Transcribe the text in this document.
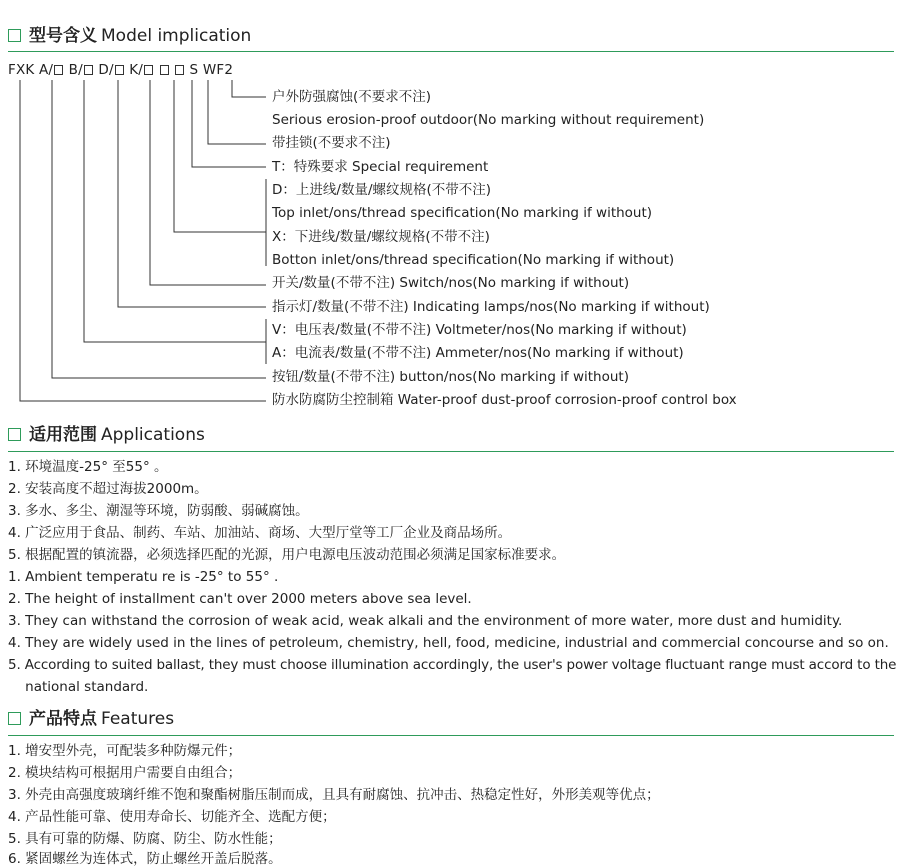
型号含义 Model implication
FXK A/ B/ D/ K/	S WF2
户外防强腐蚀(不要求不注)
Serious erosion-proof outdoor(No marking without requirement)
带挂锁(不要求不注)
T：特殊要求 Special requirement
D：上进线/数量/螺纹规格(不带不注)
Top inlet/ons/thread specification(No marking if without)
X：下进线/数量/螺纹规格(不带不注)
Botton inlet/ons/thread specification(No marking if without)
开关/数量(不带不注) Switch/nos(No marking if without)
指示灯/数量(不带不注) Indicating lamps/nos(No marking if without)
V：电压表/数量(不带不注) Voltmeter/nos(No marking if without)
A：电流表/数量(不带不注) Ammeter/nos(No marking if without)
按钮/数量(不带不注) button/nos(No marking if without)
防水防腐防尘控制箱 Water-proof dust-proof corrosion-proof control box
适用范围 Applications
1. 环境温度-25° 至55° 。
2. 安装高度不超过海拔2000m。
3. 多水、多尘、潮湿等环境，防弱酸、弱碱腐蚀。
4. 广泛应用于食品、制药、车站、加油站、商场、大型厅堂等工厂企业及商品场所。
5. 根据配置的镇流器，必须选择匹配的光源，用户电源电压波动范围必须满足国家标准要求。
1. Ambient temperatu re is -25° to 55° .
2. The height of installment can't over 2000 meters above sea level.
3. They can withstand the corrosion of weak acid, weak alkali and the environment of more water, more dust and humidity.
4. They are widely used in the lines of petroleum, chemistry, hell, food, medicine, industrial and commercial concourse and so on.
5. According to suited ballast, they must choose illumination accordingly, the user's power voltage fluctuant range must accord to the
national standard.
产品特点 Features
1. 增安型外壳，可配装多种防爆元件；
2. 模块结构可根据用户需要自由组合；
3. 外壳由高强度玻璃纤维不饱和聚酯树脂压制而成，且具有耐腐蚀、抗冲击、热稳定性好，外形美观等优点；
4. 产品性能可靠、使用寿命长、切能齐全、选配方便；
5. 具有可靠的防爆、防腐、防尘、防水性能；
6. 紧固螺丝为连体式，防止螺丝开盖后脱落。
